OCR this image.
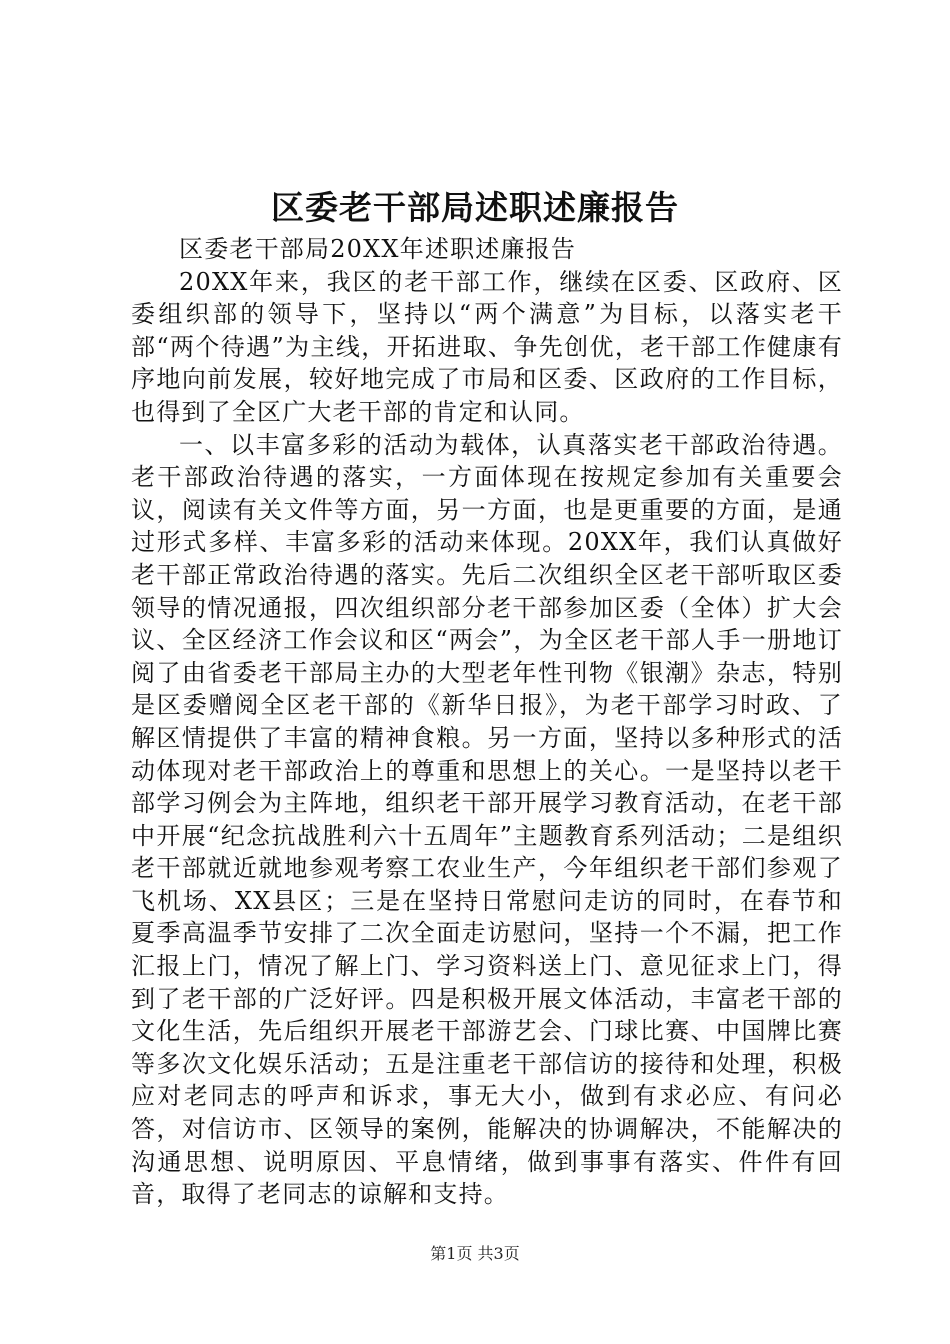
区委老干部局述职述廉报告

区委老干部局20XX年述职述廉报告

20XX年来，我区的老干部工作，继续在区委、区政府、区委组织部的领导下，坚持以“两个满意”为目标，以落实老干部“两个待遇”为主线，开拓进取、争先创优，老干部工作健康有序地向前发展，较好地完成了市局和区委、区政府的工作目标，也得到了全区广大老干部的肯定和认同。

一、以丰富多彩的活动为载体，认真落实老干部政治待遇。老干部政治待遇的落实，一方面体现在按规定参加有关重要会议，阅读有关文件等方面，另一方面，也是更重要的方面，是通过形式多样、丰富多彩的活动来体现。20XX年，我们认真做好老干部正常政治待遇的落实。先后二次组织全区老干部听取区委领导的情况通报，四次组织部分老干部参加区委（全体）扩大会议、全区经济工作会议和区“两会”，为全区老干部人手一册地订阅了由省委老干部局主办的大型老年性刊物《银潮》杂志，特别是区委赠阅全区老干部的《新华日报》，为老干部学习时政、了解区情提供了丰富的精神食粮。另一方面，坚持以多种形式的活动体现对老干部政治上的尊重和思想上的关心。一是坚持以老干部学习例会为主阵地，组织老干部开展学习教育活动，在老干部中开展“纪念抗战胜利六十五周年”主题教育系列活动；二是组织老干部就近就地参观考察工农业生产，今年组织老干部们参观了飞机场、XX县区；三是在坚持日常慰问走访的同时，在春节和夏季高温季节安排了二次全面走访慰问，坚持一个不漏，把工作汇报上门，情况了解上门、学习资料送上门、意见征求上门，得到了老干部的广泛好评。四是积极开展文体活动，丰富老干部的文化生活，先后组织开展老干部游艺会、门球比赛、中国牌比赛等多次文化娱乐活动；五是注重老干部信访的接待和处理，积极应对老同志的呼声和诉求，事无大小，做到有求必应、有问必答，对信访市、区领导的案例，能解决的协调解决，不能解决的沟通思想、说明原因、平息情绪，做到事事有落实、件件有回音，取得了老同志的谅解和支持。

第1页 共3页
